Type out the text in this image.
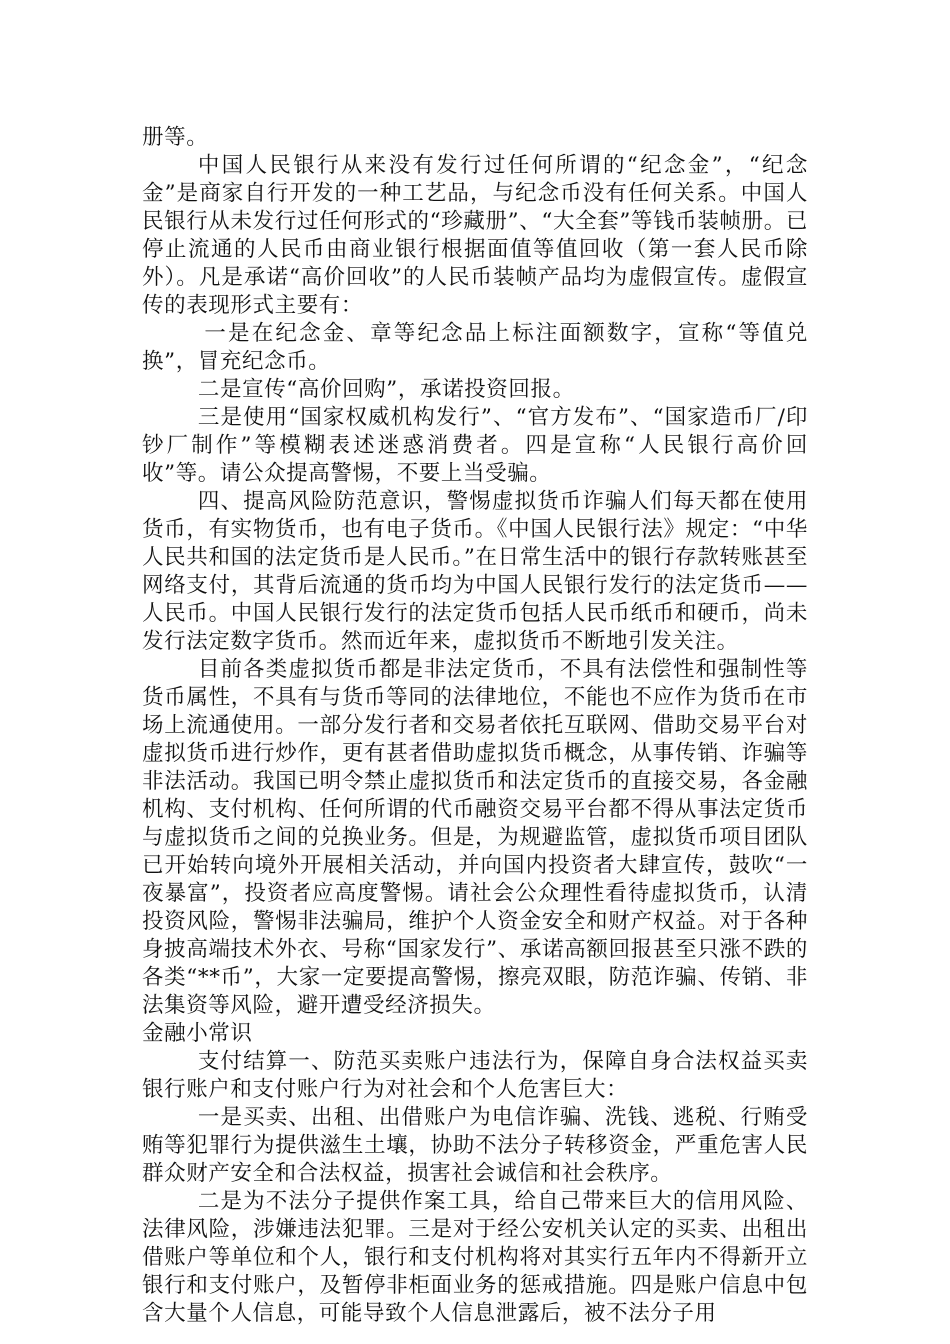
册等。

中国人民银行从来没有发行过任何所谓的“纪念金”，“纪念金”是商家自行开发的一种工艺品，与纪念币没有任何关系。中国人民银行从未发行过任何形式的“珍藏册”、“大全套”等钱币装帧册。已停止流通的人民币由商业银行根据面值等值回收（第一套人民币除外）。凡是承诺“高价回收”的人民币装帧产品均为虚假宣传。虚假宣传的表现形式主要有：

一是在纪念金、章等纪念品上标注面额数字，宣称“等值兑换”，冒充纪念币。

二是宣传“高价回购”，承诺投资回报。

三是使用“国家权威机构发行”、“官方发布”、“国家造币厂/印钞厂制作”等模糊表述迷惑消费者。四是宣称“人民银行高价回收”等。请公众提高警惕，不要上当受骗。

四、提高风险防范意识，警惕虚拟货币诈骗人们每天都在使用货币，有实物货币，也有电子货币。《中国人民银行法》规定：“中华人民共和国的法定货币是人民币。”在日常生活中的银行存款转账甚至网络支付，其背后流通的货币均为中国人民银行发行的法定货币——人民币。中国人民银行发行的法定货币包括人民币纸币和硬币，尚未发行法定数字货币。然而近年来，虚拟货币不断地引发关注。

目前各类虚拟货币都是非法定货币，不具有法偿性和强制性等货币属性，不具有与货币等同的法律地位，不能也不应作为货币在市场上流通使用。一部分发行者和交易者依托互联网、借助交易平台对虚拟货币进行炒作，更有甚者借助虚拟货币概念，从事传销、诈骗等非法活动。我国已明令禁止虚拟货币和法定货币的直接交易，各金融机构、支付机构、任何所谓的代币融资交易平台都不得从事法定货币与虚拟货币之间的兑换业务。但是，为规避监管，虚拟货币项目团队已开始转向境外开展相关活动，并向国内投资者大肆宣传，鼓吹“一夜暴富”，投资者应高度警惕。请社会公众理性看待虚拟货币，认清投资风险，警惕非法骗局，维护个人资金安全和财产权益。对于各种身披高端技术外衣、号称“国家发行”、承诺高额回报甚至只涨不跌的各类“**币”，大家一定要提高警惕，擦亮双眼，防范诈骗、传销、非法集资等风险，避开遭受经济损失。

金融小常识

支付结算一、防范买卖账户违法行为，保障自身合法权益买卖银行账户和支付账户行为对社会和个人危害巨大：

一是买卖、出租、出借账户为电信诈骗、洗钱、逃税、行贿受贿等犯罪行为提供滋生土壤，协助不法分子转移资金，严重危害人民群众财产安全和合法权益，损害社会诚信和社会秩序。

二是为不法分子提供作案工具，给自己带来巨大的信用风险、法律风险，涉嫌违法犯罪。三是对于经公安机关认定的买卖、出租出借账户等单位和个人，银行和支付机构将对其实行五年内不得新开立银行和支付账户，及暂停非柜面业务的惩戒措施。四是账户信息中包含大量个人信息，可能导致个人信息泄露后，被不法分子用
